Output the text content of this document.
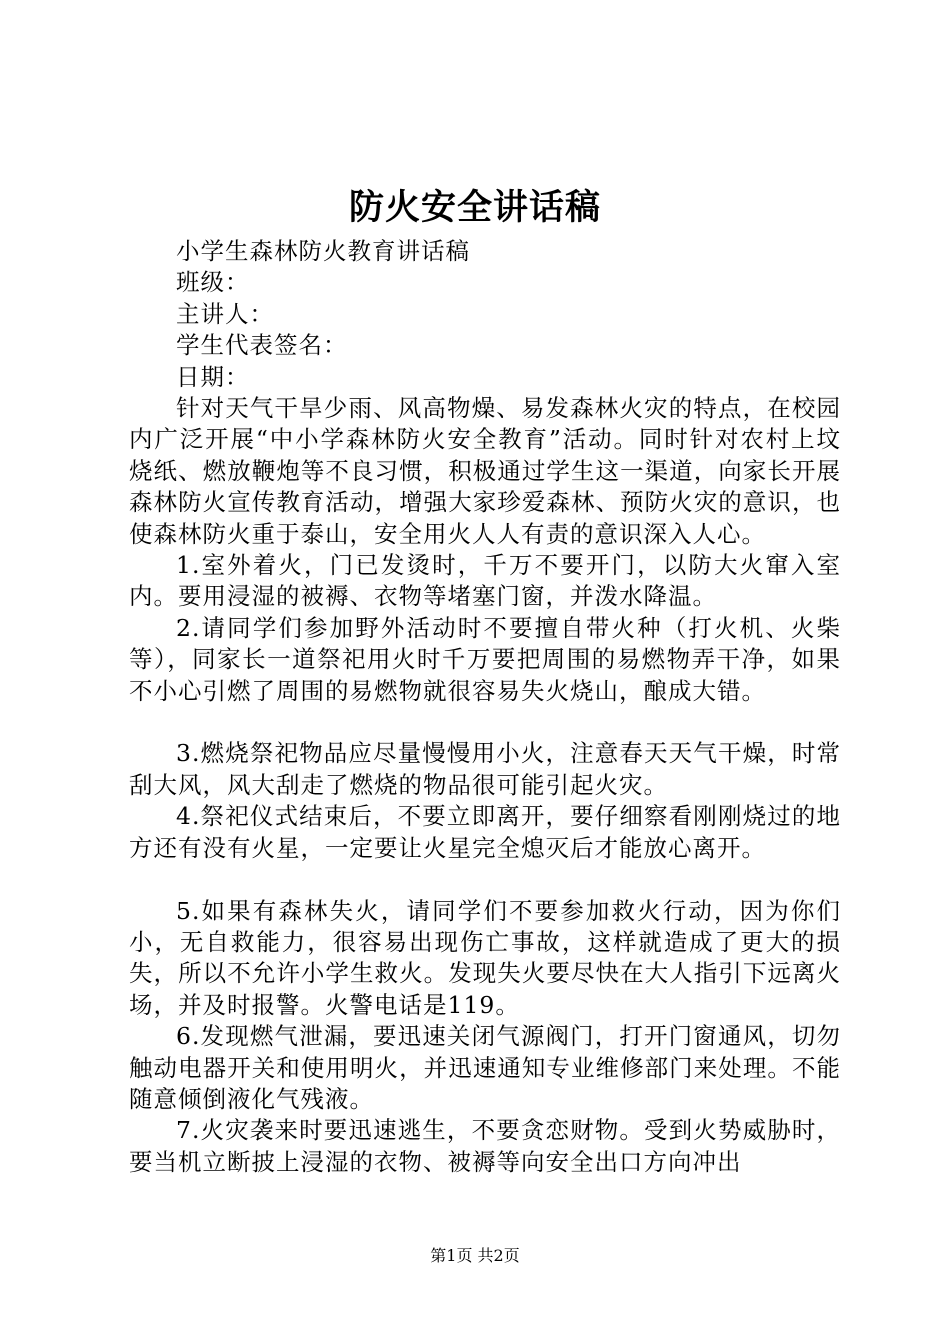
防火安全讲话稿

小学生森林防火教育讲话稿

班级：

主讲人：

学生代表签名：

日期：

针对天气干旱少雨、风高物燥、易发森林火灾的特点，在校园内广泛开展“中小学森林防火安全教育”活动。同时针对农村上坟烧纸、燃放鞭炮等不良习惯，积极通过学生这一渠道，向家长开展森林防火宣传教育活动，增强大家珍爱森林、预防火灾的意识，也使森林防火重于泰山，安全用火人人有责的意识深入人心。

1.室外着火，门已发烫时，千万不要开门，以防大火窜入室内。要用浸湿的被褥、衣物等堵塞门窗，并泼水降温。

2.请同学们参加野外活动时不要擅自带火种（打火机、火柴等），同家长一道祭祀用火时千万要把周围的易燃物弄干净，如果不小心引燃了周围的易燃物就很容易失火烧山，酿成大错。

3.燃烧祭祀物品应尽量慢慢用小火，注意春天天气干燥，时常刮大风，风大刮走了燃烧的物品很可能引起火灾。

4.祭祀仪式结束后，不要立即离开，要仔细察看刚刚烧过的地方还有没有火星，一定要让火星完全熄灭后才能放心离开。

5.如果有森林失火，请同学们不要参加救火行动，因为你们小，无自救能力，很容易出现伤亡事故，这样就造成了更大的损失，所以不允许小学生救火。发现失火要尽快在大人指引下远离火场，并及时报警。火警电话是119。

6.发现燃气泄漏，要迅速关闭气源阀门，打开门窗通风，切勿触动电器开关和使用明火，并迅速通知专业维修部门来处理。不能随意倾倒液化气残液。

7.火灾袭来时要迅速逃生，不要贪恋财物。受到火势威胁时，要当机立断披上浸湿的衣物、被褥等向安全出口方向冲出

第1页 共2页
